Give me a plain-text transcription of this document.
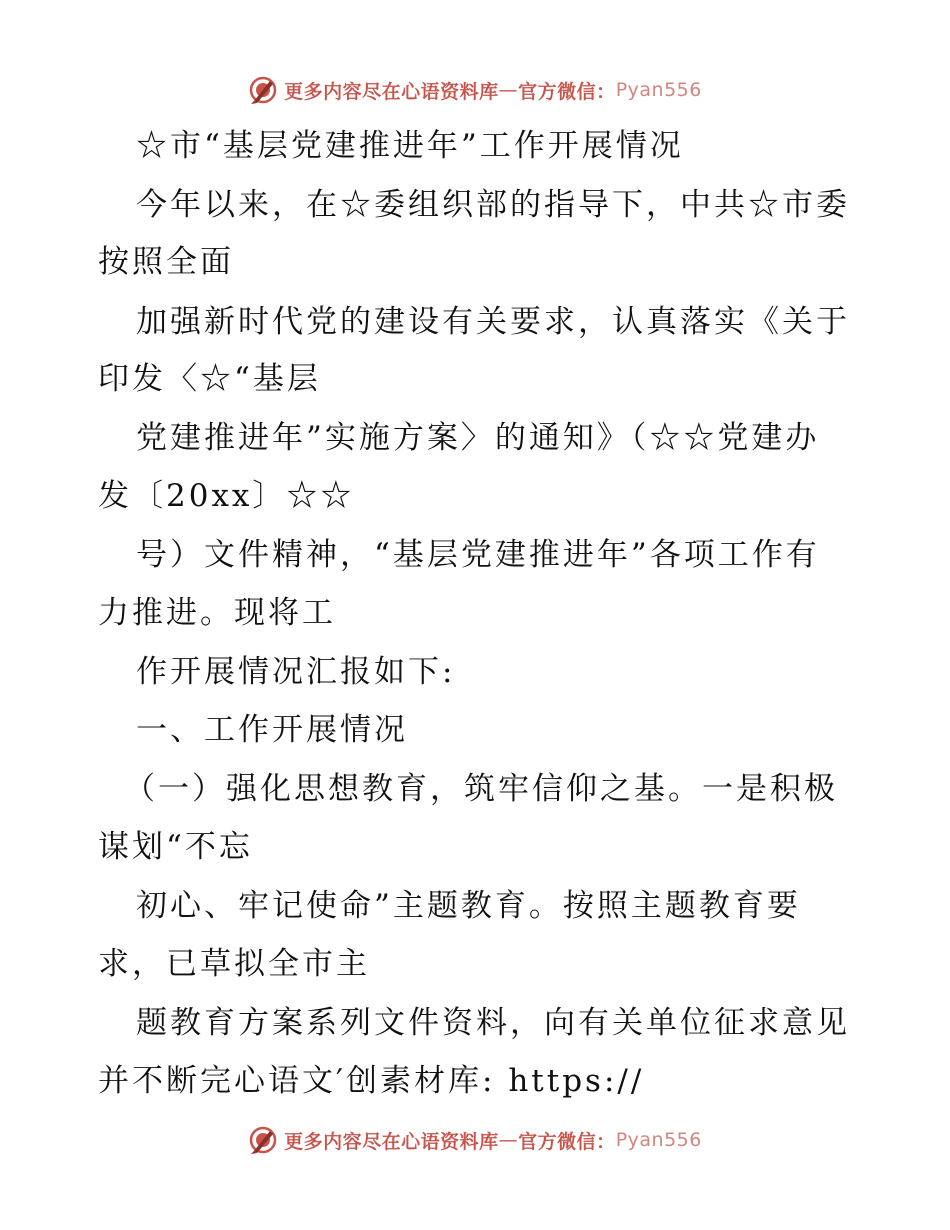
更多内容尽在心语资料库 — 官方微信： Pyan556
☆市“基层党建推进年”工作开展情况
今年以来，在☆委组织部的指导下，中共☆市委
按照全面
加强新时代党的建设有关要求，认真落实《关于
印发〈☆“基层
党建推进年”实施方案〉的通知》（☆☆党建办
发〔20xx〕☆☆
号）文件精神，“基层党建推进年”各项工作有
力推进。现将工
作开展情况汇报如下:
一、工作开展情况
（一）强化思想教育，筑牢信仰之基。一是积极
谋划“不忘
初心、牢记使命”主题教育。按照主题教育要
求，已草拟全市主
题教育方案系列文件资料，向有关单位征求意见
并不断完心语文′创素材库: https://
更多内容尽在心语资料库 — 官方微信： Pyan556
